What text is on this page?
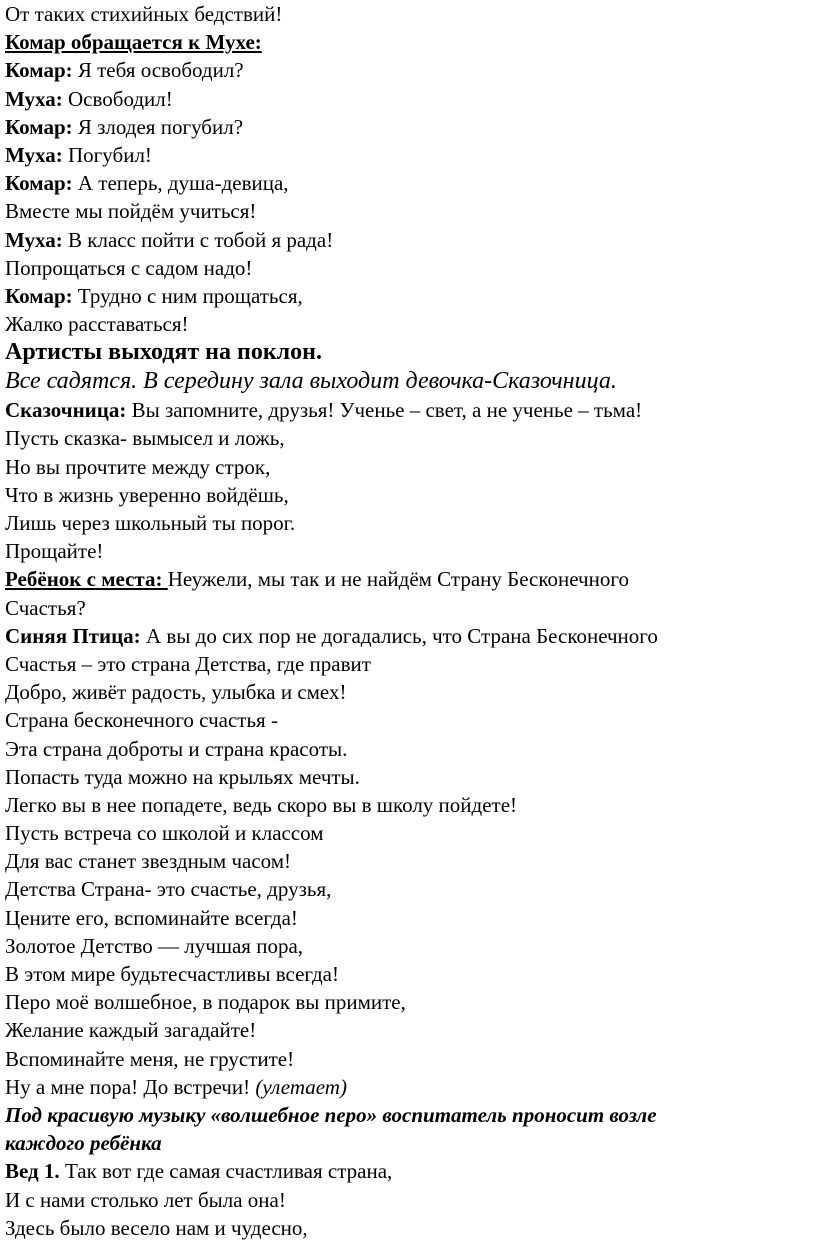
От таких стихийных бедствий!
Комар обращается к Мухе:
Комар: Я тебя освободил?
Муха: Освободил!
Комар: Я злодея погубил?
Муха: Погубил!
Комар: А теперь, душа-девица,
Вместе мы пойдём учиться!
Муха: В класс пойти с тобой я рада!
Попрощаться с садом надо!
Комар: Трудно с ним прощаться,
Жалко расставаться!
Артисты выходят на поклон.
Все садятся. В середину зала выходит девочка-Сказочница.
Сказочница: Вы запомните, друзья! Ученье – свет, а не ученье – тьма!
Пусть сказка- вымысел и ложь,
Но вы прочтите между строк,
Что в жизнь уверенно войдёшь,
Лишь через школьный ты порог.
Прощайте!
Ребёнок с места: Неужели, мы так и не найдём Страну Бесконечного
Счастья?
Синяя Птица: А вы до сих пор не догадались, что Страна Бесконечного
Счастья – это страна Детства, где правит
Добро, живёт радость, улыбка и смех!
Страна бесконечного счастья -
Эта страна доброты и страна красоты.
Попасть туда можно на крыльях мечты.
Легко вы в нее попадете, ведь скоро вы в школу пойдете!
Пусть встреча со школой и классом
Для вас станет звездным часом!
Детства Страна- это счастье, друзья,
Цените его, вспоминайте всегда!
Золотое Детство — лучшая пора,
В этом мире будьтесчастливы всегда!
Перо моё волшебное, в подарок вы примите,
Желание каждый загадайте!
Вспоминайте меня, не грустите!
Ну а мне пора! До встречи! (улетает)
Под красивую музыку «волшебное перо» воспитатель проносит возле
каждого ребёнка
Вед 1. Так вот где самая счастливая страна,
И с нами столько лет была она!
Здесь было весело нам и чудесно,
